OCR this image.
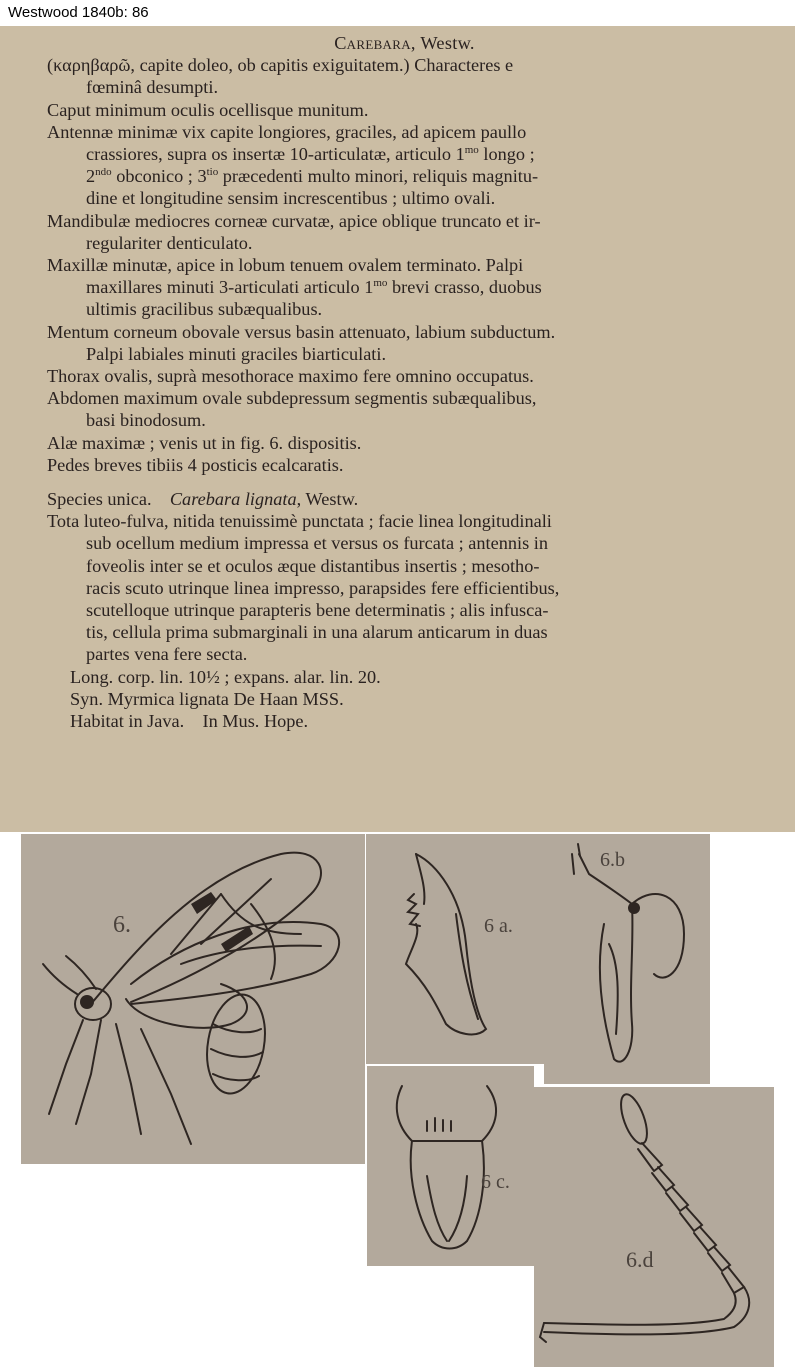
Westwood 1840b: 86
Carebara, Westw.
(καρηβαρῶ, capite doleo, ob capitis exiguitatem.) Characteres e
fœminâ desumpti.
Caput minimum oculis ocellisque munitum.
Antennæ minimæ vix capite longiores, graciles, ad apicem paullo
crassiores, supra os insertæ 10-articulatæ, articulo $1^{mo}$ longo ;
$2^{ndo}$ obconico ; $3^{tio}$ præcedenti multo minori, reliquis magnitu-
dine et longitudine sensim increscentibus ; ultimo ovali.
Mandibulæ mediocres corneæ curvatæ, apice oblique truncato et ir-
regulariter denticulato.
Maxillæ minutæ, apice in lobum tenuem ovalem terminato. Palpi
maxillares minuti 3-articulati articulo $1^{mo}$ brevi crasso, duobus
ultimis gracilibus subæqualibus.
Mentum corneum obovale versus basin attenuato, labium subductum.
Palpi labiales minuti graciles biarticulati.
Thorax ovalis, suprà mesothorace maximo fere omnino occupatus.
Abdomen maximum ovale subdepressum segmentis subæqualibus,
basi binodosum.
Alæ maximæ ; venis ut in fig. 6. dispositis.
Pedes breves tibiis 4 posticis ecalcaratis.
Species unica. Carebara lignata, Westw.
Tota luteo-fulva, nitida tenuissimè punctata ; facie linea longitudinali
sub ocellum medium impressa et versus os furcata ; antennis in
foveolis inter se et oculos æque distantibus insertis ; mesotho-
racis scuto utrinque linea impresso, parapsides fere efficientibus,
scutelloque utrinque parapteris bene determinatis ; alis infusca-
tis, cellula prima submarginali in una alarum anticarum in duas
partes vena fere secta.
Long. corp. lin. 10½ ; expans. alar. lin. 20.
Syn. Myrmica lignata De Haan MSS.
Habitat in Java.    In Mus. Hope.
6.	6 a.
6.b
6 c.
6.d
